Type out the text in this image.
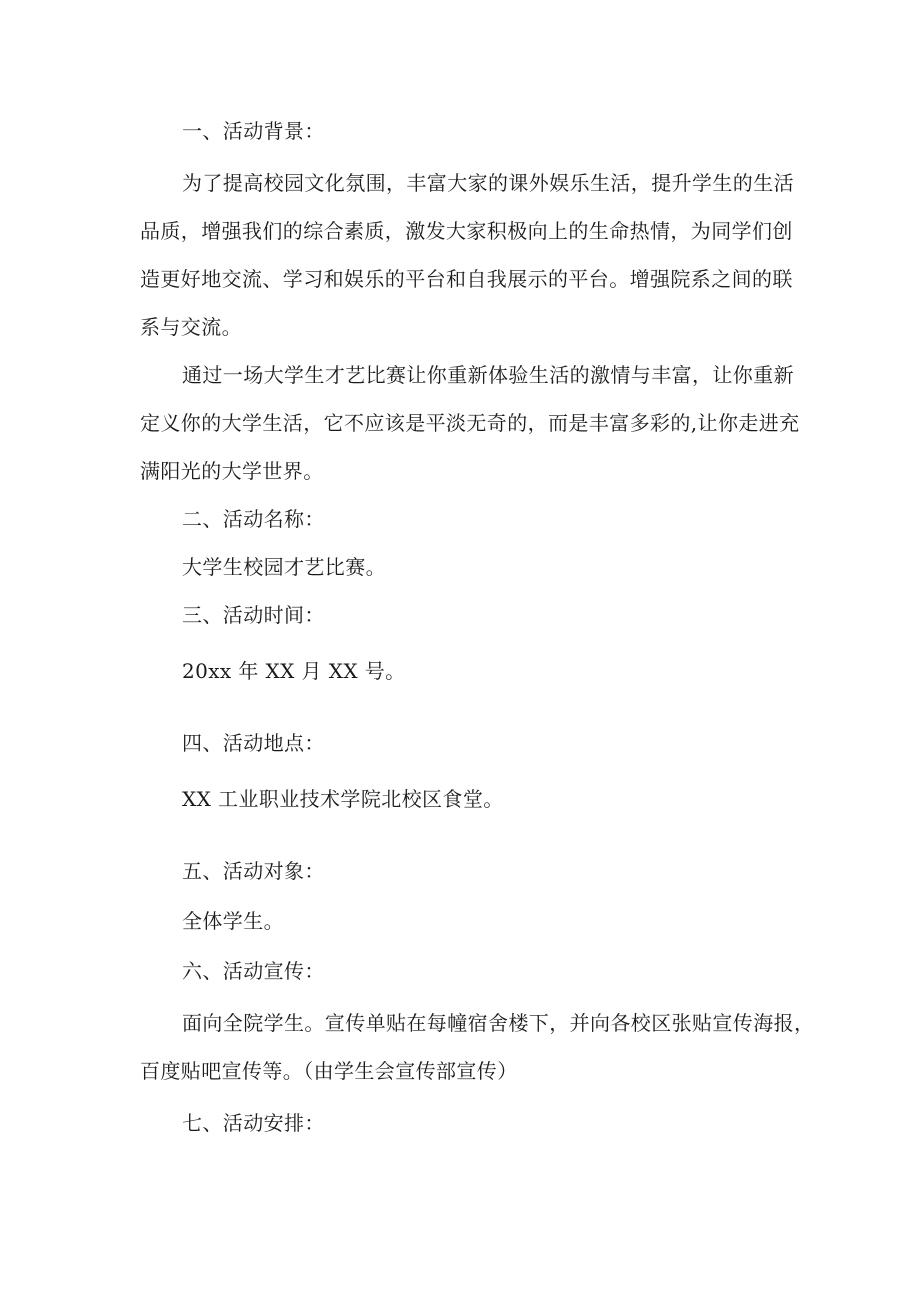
一、活动背景：

为了提高校园文化氛围，丰富大家的课外娱乐生活，提升学生的生活

品质，增强我们的综合素质，激发大家积极向上的生命热情，为同学们创

造更好地交流、学习和娱乐的平台和自我展示的平台。增强院系之间的联

系与交流。

通过一场大学生才艺比赛让你重新体验生活的激情与丰富，让你重新

定义你的大学生活，它不应该是平淡无奇的，而是丰富多彩的,让你走进充

满阳光的大学世界。

二、活动名称：

大学生校园才艺比赛。

三、活动时间：

20xx 年 XX 月 XX 号。

四、活动地点：

XX 工业职业技术学院北校区食堂。

五、活动对象：

全体学生。

六、活动宣传：

面向全院学生。宣传单贴在每幢宿舍楼下，并向各校区张贴宣传海报，

百度贴吧宣传等。（由学生会宣传部宣传）

七、活动安排：
